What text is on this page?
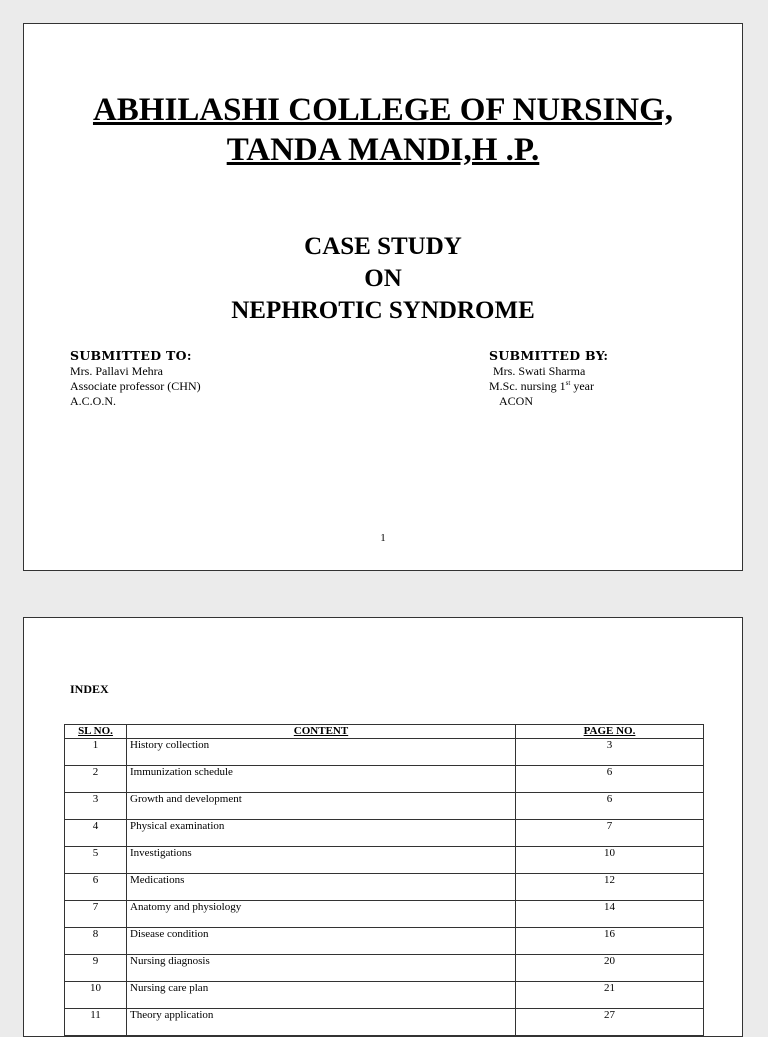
ABHILASHI COLLEGE OF NURSING,
TANDA MANDI,H .P.
CASE STUDY
ON
NEPHROTIC SYNDROME
SUBMITTED TO:
Mrs. Pallavi Mehra
Associate professor (CHN)
A.C.O.N.
SUBMITTED BY:
Mrs. Swati Sharma
M.Sc. nursing 1st year
ACON
1
INDEX
SL NO.	CONTENT	PAGE NO.
1	History collection	3
2	Immunization schedule	6
3	Growth and development	6
4	Physical examination	7
5	Investigations	10
6	Medications	12
7	Anatomy and physiology	14
8	Disease condition	16
9	Nursing diagnosis	20
10	Nursing care plan	21
11	Theory application	27
